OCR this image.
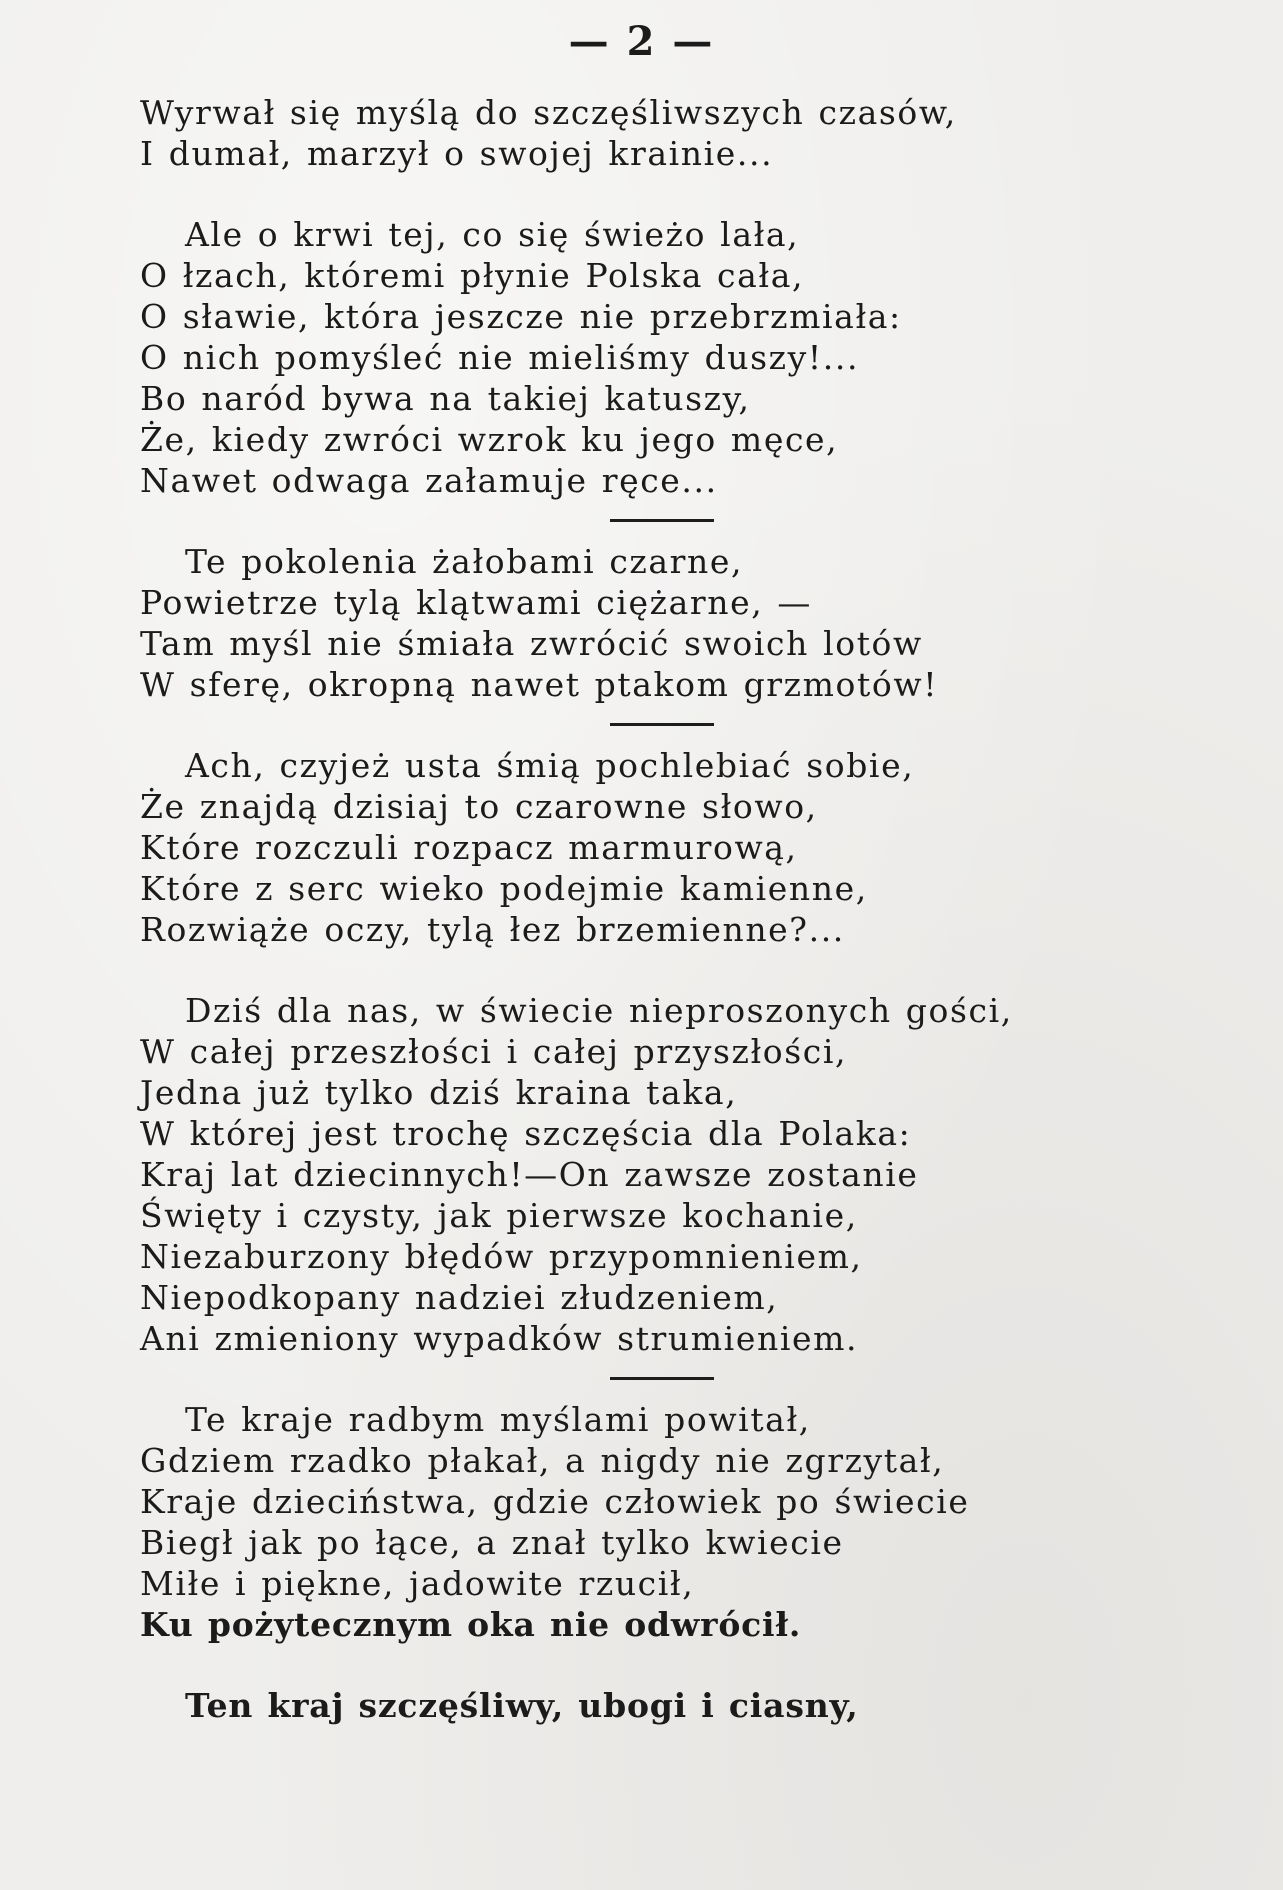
— 2 —
Wyrwał się myślą do szczęśliwszych czasów,
I dumał, marzył o swojej krainie...
Ale o krwi tej, co się świeżo lała,
O łzach, któremi płynie Polska cała,
O sławie, która jeszcze nie przebrzmiała:
O nich pomyśleć nie mieliśmy duszy!...
Bo naród bywa na takiej katuszy,
Że, kiedy zwróci wzrok ku jego męce,
Nawet odwaga załamuje ręce...
Te pokolenia żałobami czarne,
Powietrze tylą klątwami ciężarne, —
Tam myśl nie śmiała zwrócić swoich lotów
W sferę, okropną nawet ptakom grzmotów!
Ach, czyjeż usta śmią pochlebiać sobie,
Że znajdą dzisiaj to czarowne słowo,
Które rozczuli rozpacz marmurową,
Które z serc wieko podejmie kamienne,
Rozwiąże oczy, tylą łez brzemienne?...
Dziś dla nas, w świecie nieproszonych gości,
W całej przeszłości i całej przyszłości,
Jedna już tylko dziś kraina taka,
W której jest trochę szczęścia dla Polaka:
Kraj lat dziecinnych!—On zawsze zostanie
Święty i czysty, jak pierwsze kochanie,
Niezaburzony błędów przypomnieniem,
Niepodkopany nadziei złudzeniem,
Ani zmieniony wypadków strumieniem.
Te kraje radbym myślami powitał,
Gdziem rzadko płakał, a nigdy nie zgrzytał,
Kraje dzieciństwa, gdzie człowiek po świecie
Biegł jak po łące, a znał tylko kwiecie
Miłe i piękne, jadowite rzucił,
Ku pożytecznym oka nie odwrócił.
Ten kraj szczęśliwy, ubogi i ciasny,
